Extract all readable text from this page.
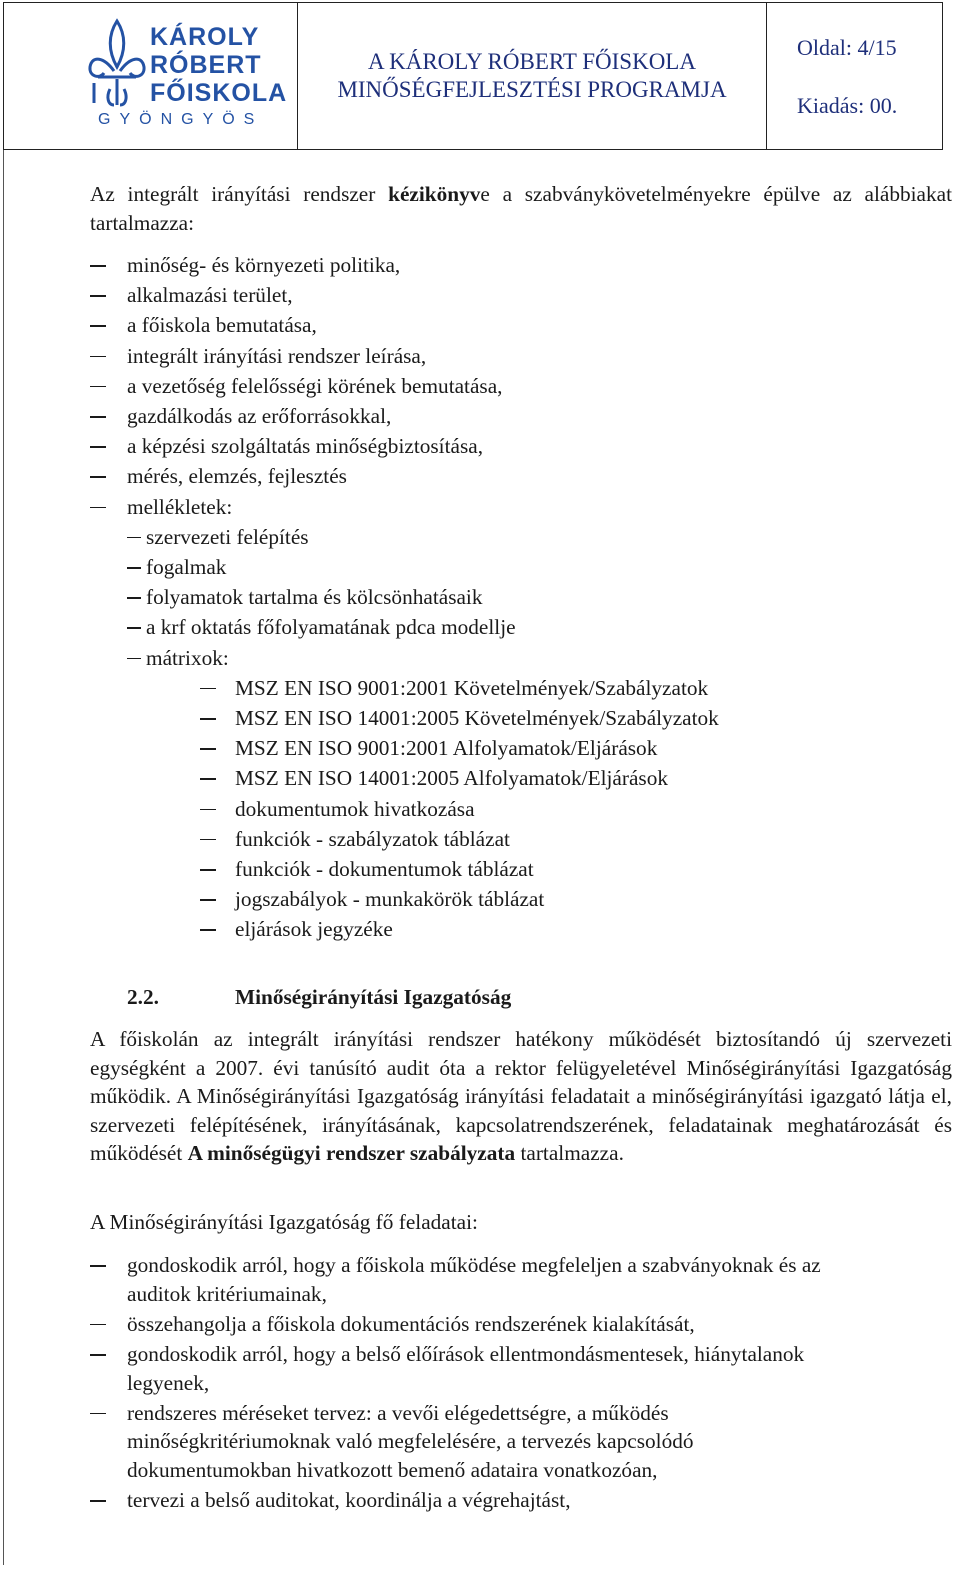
KÁROLY
RÓBERT
FŐISKOLA
GYÖNGYÖS
A KÁROLY RÓBERT FŐISKOLA
MINŐSÉGFEJLESZTÉSI PROGRAMJA
Oldal: 4/15
Kiadás: 00.
Az integrált irányítási rendszer kézikönyve a szabványkövetelményekre épülve az alábbiakat tartalmazza:
minőség- és környezeti politika,
alkalmazási terület,
a főiskola bemutatása,
integrált irányítási rendszer leírása,
a vezetőség felelősségi körének bemutatása,
gazdálkodás az erőforrásokkal,
a képzési szolgáltatás minőségbiztosítása,
mérés, elemzés, fejlesztés
mellékletek:
szervezeti felépítés
fogalmak
folyamatok tartalma és kölcsönhatásaik
a krf oktatás főfolyamatának pdca modellje
mátrixok:
MSZ EN ISO 9001:2001 Követelmények/Szabályzatok
MSZ EN ISO 14001:2005 Követelmények/Szabályzatok
MSZ EN ISO 9001:2001 Alfolyamatok/Eljárások
MSZ EN ISO 14001:2005 Alfolyamatok/Eljárások
dokumentumok hivatkozása
funkciók - szabályzatok táblázat
funkciók - dokumentumok táblázat
jogszabályok - munkakörök táblázat
eljárások jegyzéke
gondoskodik arról, hogy a főiskola működése megfeleljen a szabványoknak és az
auditok kritériumainak,
összehangolja a főiskola dokumentációs rendszerének kialakítását,
gondoskodik arról, hogy a belső előírások ellentmondásmentesek, hiánytalanok
legyenek,
rendszeres méréseket tervez: a vevői elégedettségre, a működés
minőségkritériumoknak való megfelelésére, a tervezés kapcsolódó
dokumentumokban hivatkozott bemenő adataira vonatkozóan,
tervezi a belső auditokat, koordinálja a végrehajtást,
2.2.	Minőségirányítási Igazgatóság
A főiskolán az integrált irányítási rendszer hatékony működését biztosítandó új szervezeti egységként a 2007. évi tanúsító audit óta a rektor felügyeletével Minőségirányítási Igazgatóság működik. A Minőségirányítási Igazgatóság irányítási feladatait a minőségirányítási igazgató látja el, szervezeti felépítésének, irányításának, kapcsolatrendszerének, feladatainak meghatározását és működését A minőségügyi rendszer szabályzata tartalmazza.
A Minőségirányítási Igazgatóság fő feladatai:
